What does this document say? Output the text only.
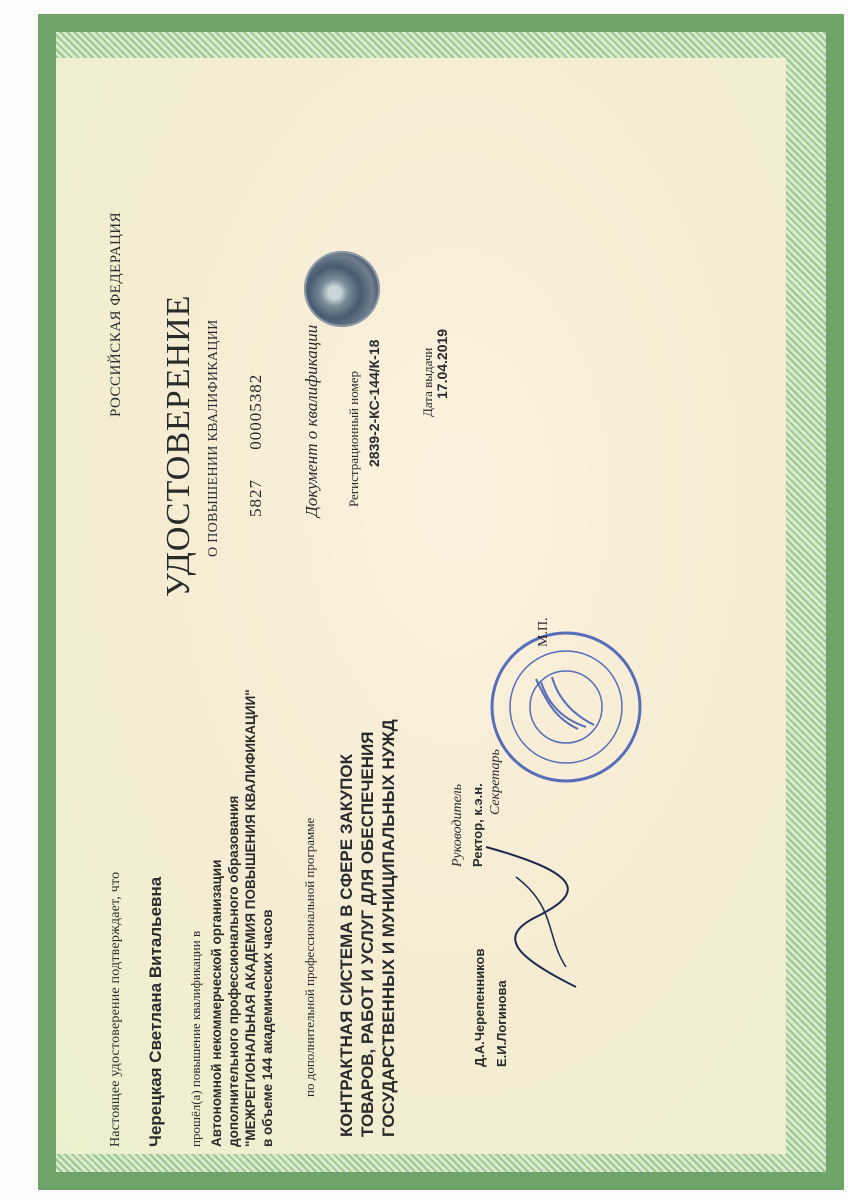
РОССИЙСКАЯ ФЕДЕРАЦИЯ УДОСТОВЕРЕНИЕ О ПОВЫШЕНИИ КВАЛИФИКАЦИИ 5827 00005382 Документ о квалификации Регистрационный номер 2839-2-КС-144/К-18	Дата выдачи 17.04.2019
Настоящее удостоверение подтверждает, что Черецкая Светлана Витальевна прошёл(а) повышение квалификации в Автономной некоммерческой организации дополнительного профессионального образования "МЕЖРЕГИОНАЛЬНАЯ АКАДЕМИЯ ПОВЫШЕНИЯ КВАЛИФИКАЦИИ" в объеме 144 академических часов по дополнительной профессиональной программе КОНТРАКТНАЯ СИСТЕМА В СФЕРЕ ЗАКУПОК ТОВАРОВ, РАБОТ И УСЛУГ ДЛЯ ОБЕСПЕЧЕНИЯ ГОСУДАРСТВЕННЫХ И МУНИЦИПАЛЬНЫХ НУЖД	Руководитель Ректор, к.э.н.
Секретарь
Д.А.Черепенников Е.И.Логинова
М.П.
